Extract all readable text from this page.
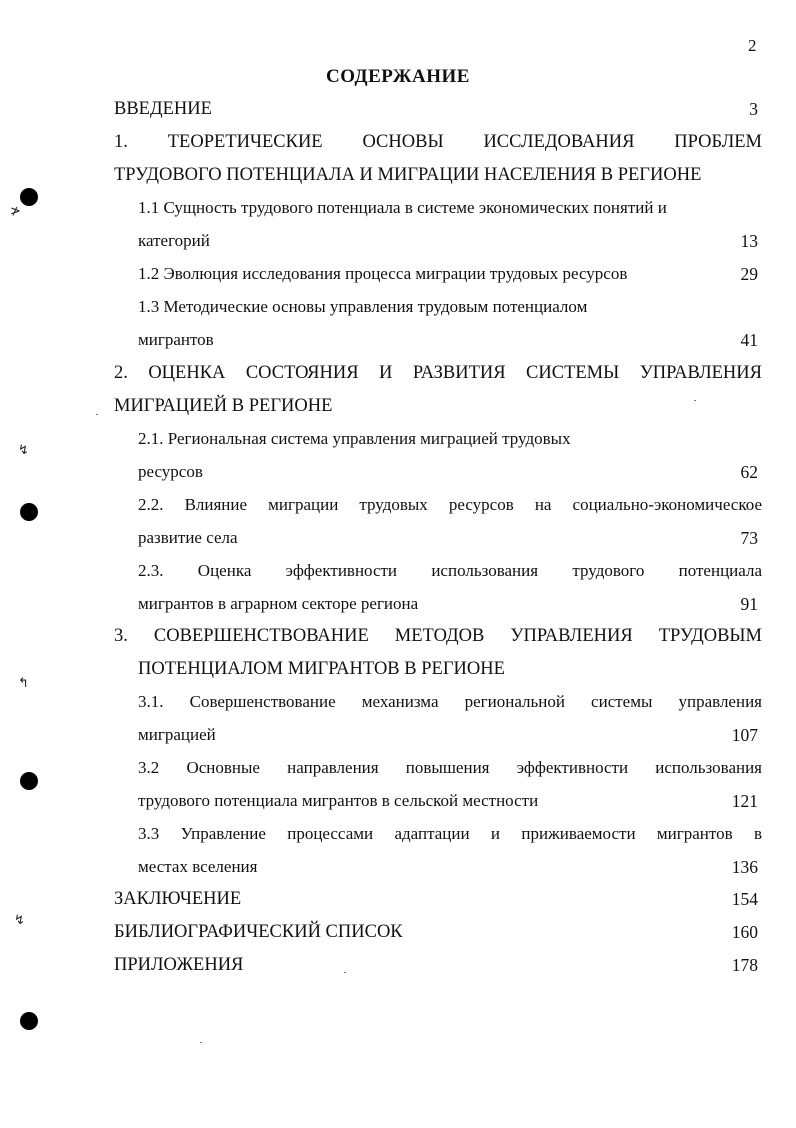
≯
↯
↰
↯
2
СОДЕРЖАНИЕ
ВВЕДЕНИЕ	3
1. ТЕОРЕТИЧЕСКИЕ ОСНОВЫ ИССЛЕДОВАНИЯ ПРОБЛЕМ
ТРУДОВОГО ПОТЕНЦИАЛА И МИГРАЦИИ НАСЕЛЕНИЯ В РЕГИОНЕ
1.1 Сущность трудового потенциала в системе экономических понятий и
категорий	13
1.2 Эволюция исследования процесса миграции трудовых ресурсов	29
1.3 Методические основы управления трудовым потенциалом
мигрантов	41
2. ОЦЕНКА СОСТОЯНИЯ И РАЗВИТИЯ СИСТЕМЫ УПРАВЛЕНИЯ
МИГРАЦИЕЙ В РЕГИОНЕ
2.1. Региональная система управления миграцией трудовых
ресурсов	62
2.2. Влияние миграции трудовых ресурсов на социально-экономическое
развитие села	73
2.3. Оценка эффективности использования трудового потенциала
мигрантов в аграрном секторе региона	91
3. СОВЕРШЕНСТВОВАНИЕ МЕТОДОВ УПРАВЛЕНИЯ ТРУДОВЫМ
ПОТЕНЦИАЛОМ МИГРАНТОВ В РЕГИОНЕ
3.1. Совершенствование механизма региональной системы управления
миграцией	107
3.2 Основные направления повышения эффективности использования
трудового потенциала мигрантов в сельской местности	121
3.3 Управление процессами адаптации и приживаемости мигрантов в
местах вселения	136
ЗАКЛЮЧЕНИЕ	154
БИБЛИОГРАФИЧЕСКИЙ СПИСОК	160
ПРИЛОЖЕНИЯ	178
